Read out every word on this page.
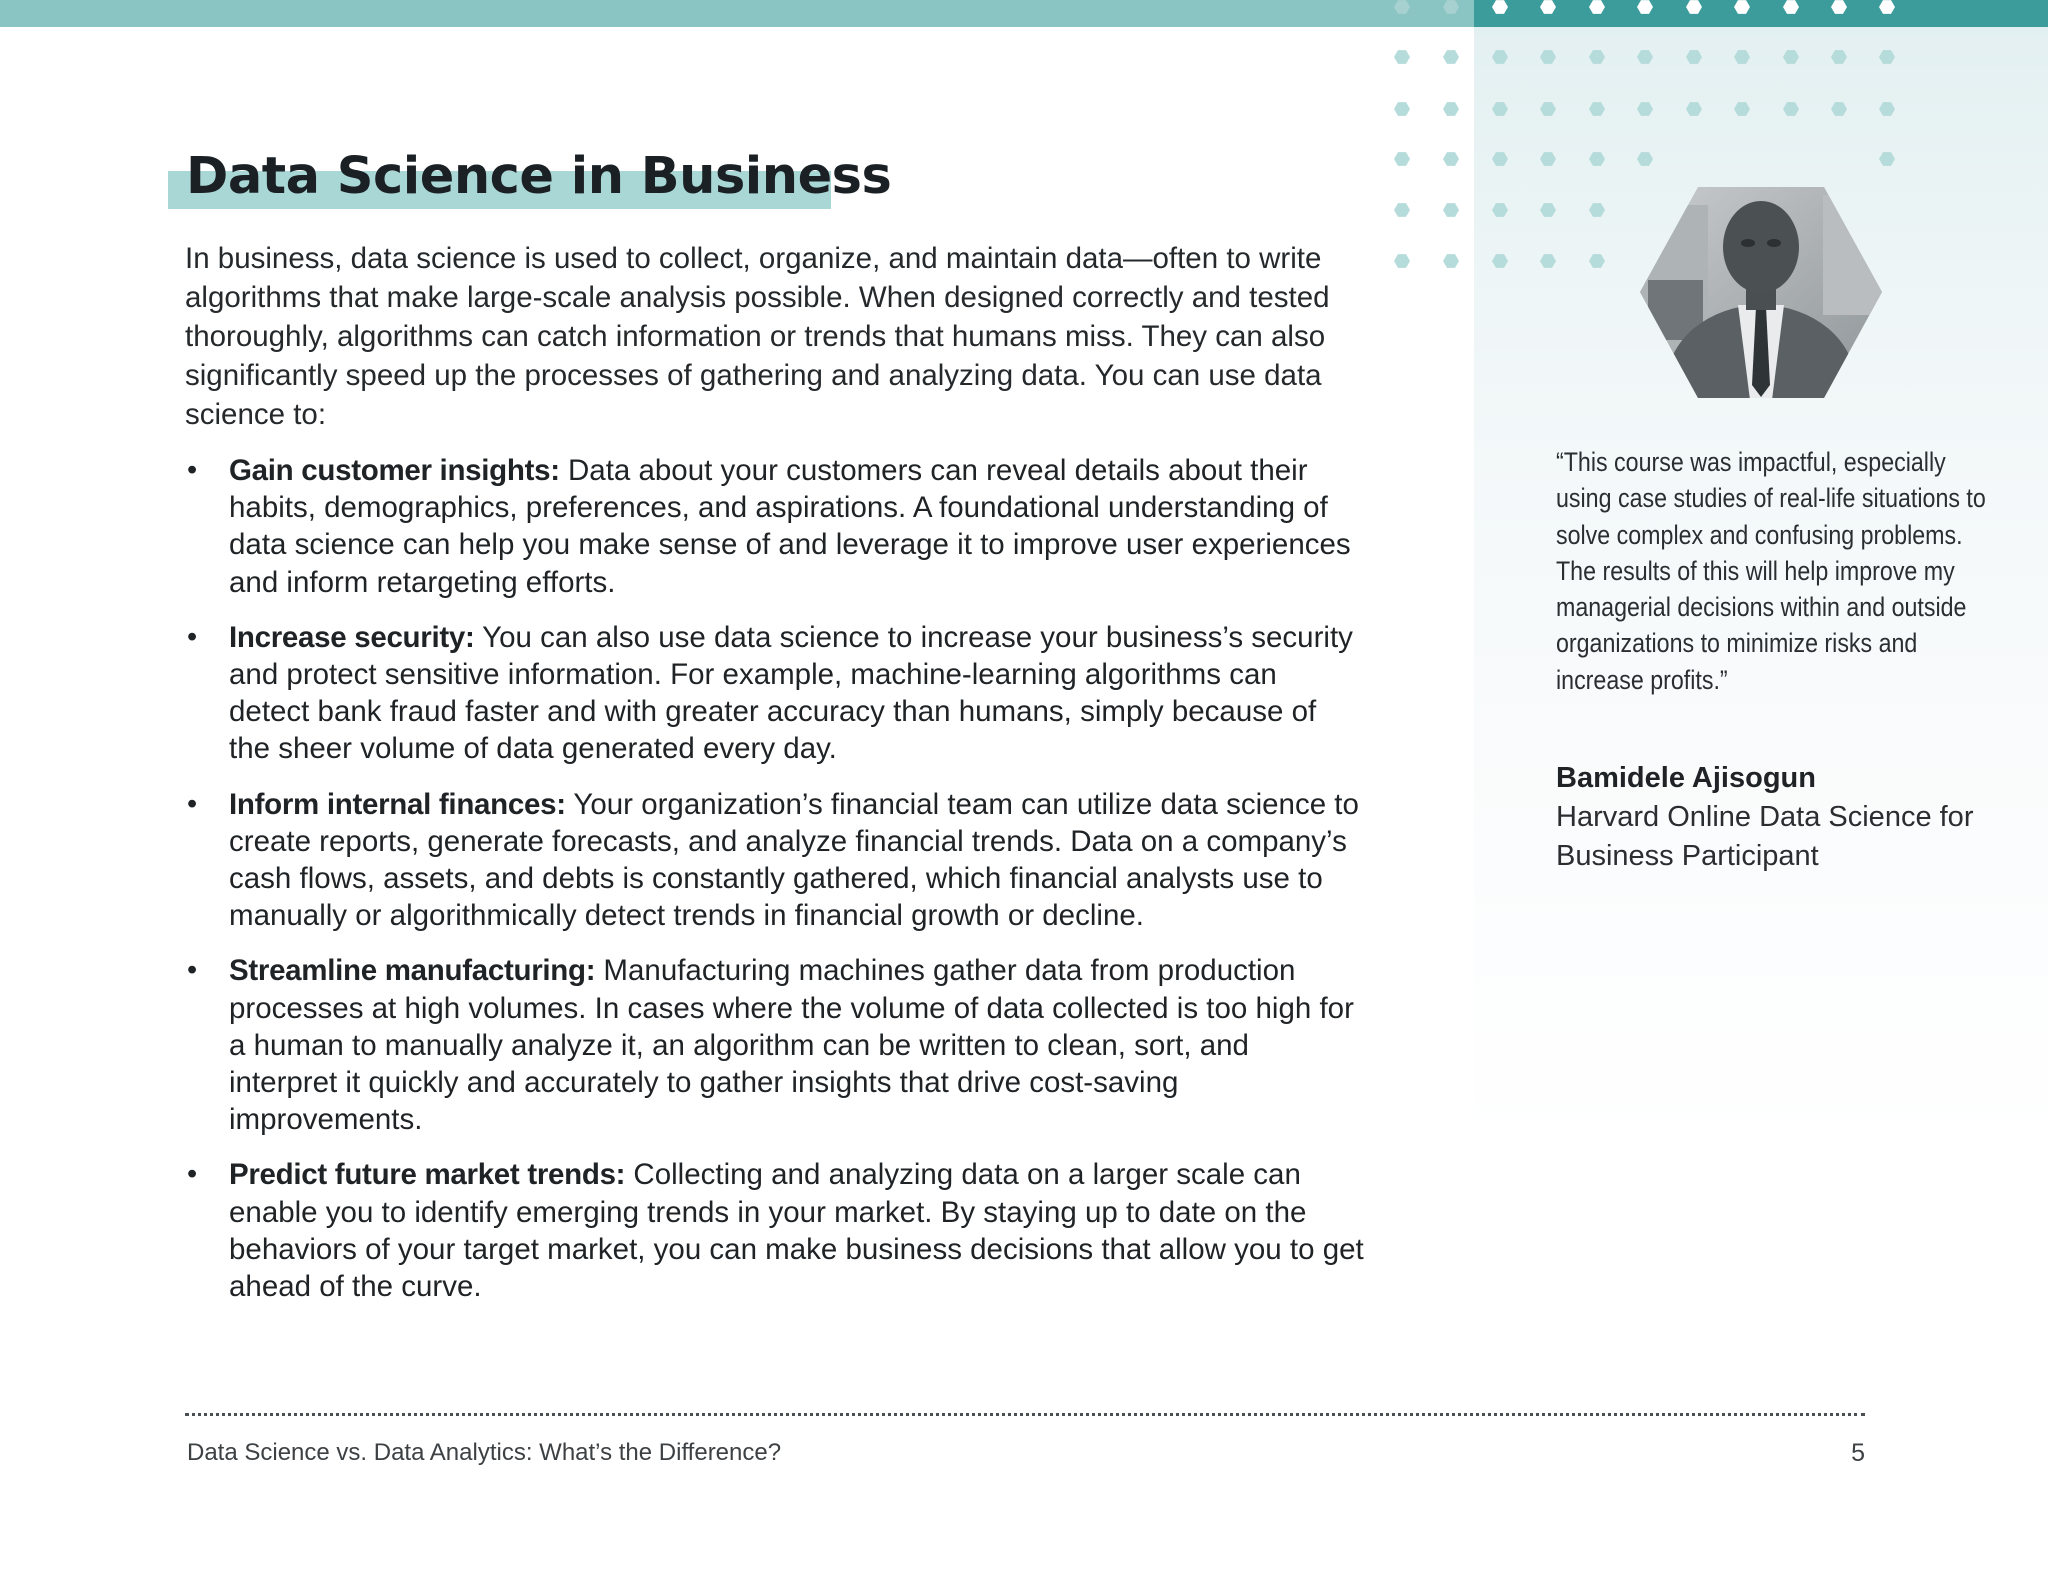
Data Science in Business

In business, data science is used to collect, organize, and maintain data—often to write algorithms that make large-scale analysis possible. When designed correctly and tested thoroughly, algorithms can catch information or trends that humans miss. They can also significantly speed up the processes of gathering and analyzing data. You can use data science to:

• Gain customer insights: Data about your customers can reveal details about their habits, demographics, preferences, and aspirations. A foundational understanding of data science can help you make sense of and leverage it to improve user experiences and inform retargeting efforts.
• Increase security: You can also use data science to increase your business’s security and protect sensitive information. For example, machine-learning algorithms can detect bank fraud faster and with greater accuracy than humans, simply because of the sheer volume of data generated every day.
• Inform internal finances: Your organization’s financial team can utilize data science to create reports, generate forecasts, and analyze financial trends. Data on a company’s cash flows, assets, and debts is constantly gathered, which financial analysts use to manually or algorithmically detect trends in financial growth or decline.
• Streamline manufacturing: Manufacturing machines gather data from production processes at high volumes. In cases where the volume of data collected is too high for a human to manually analyze it, an algorithm can be written to clean, sort, and interpret it quickly and accurately to gather insights that drive cost-saving improvements.
• Predict future market trends: Collecting and analyzing data on a larger scale can enable you to identify emerging trends in your market. By staying up to date on the behaviors of your target market, you can make business decisions that allow you to get ahead of the curve.

“This course was impactful, especially using case studies of real-life situations to solve complex and confusing problems. The results of this will help improve my managerial decisions within and outside organizations to minimize risks and increase profits.”

Bamidele Ajisogun
Harvard Online Data Science for Business Participant
Data Science vs. Data Analytics: What’s the Difference?	5
